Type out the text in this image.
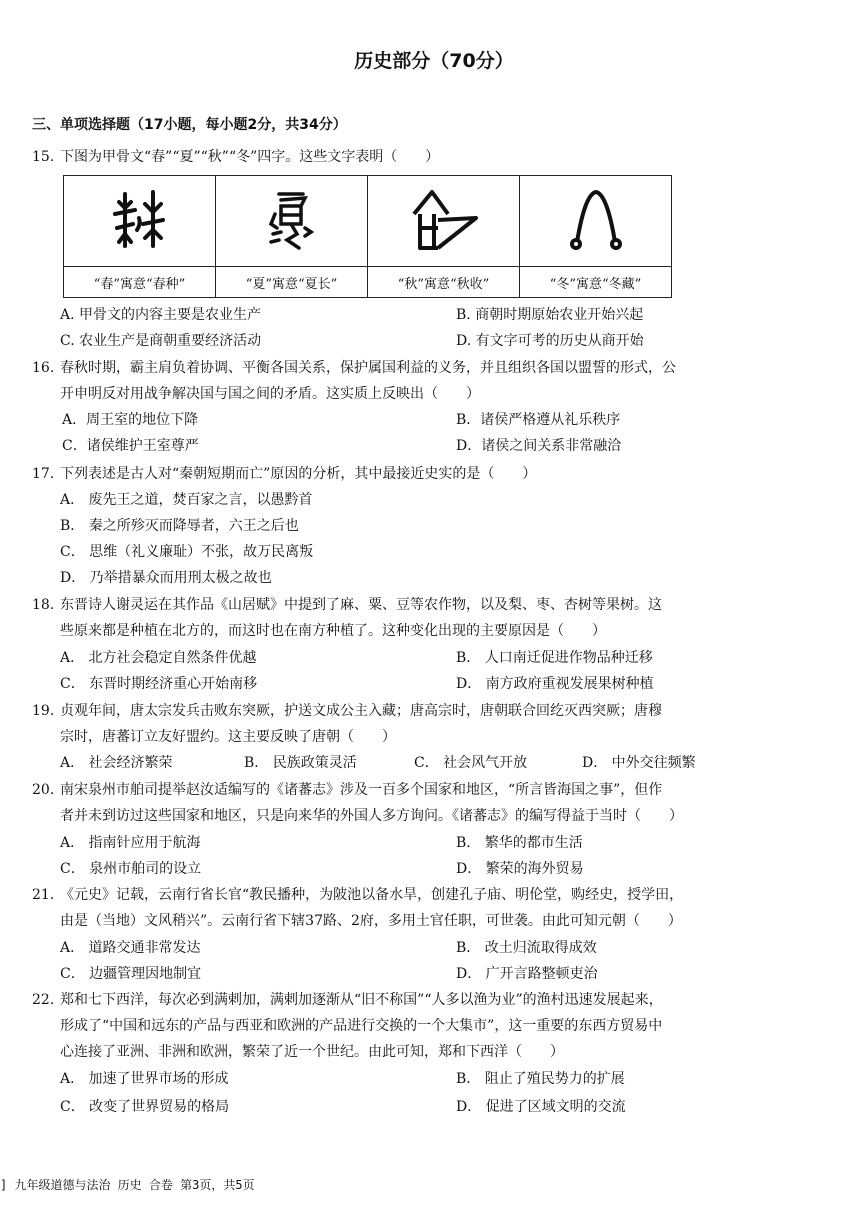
历史部分（70分）
三、单项选择题（17小题，每小题2分，共34分）
15. 下图为甲骨文“春”“夏”“秋”“冬”四字。这些文字表明（　　）

“春”寓意“春种”	“夏”寓意“夏长”	“秋”寓意“秋收”	“冬”寓意“冬藏”
A. 甲骨文的内容主要是农业生产	B. 商朝时期原始农业开始兴起
C. 农业生产是商朝重要经济活动	D. 有文字可考的历史从商开始
16. 春秋时期，霸主肩负着协调、平衡各国关系，保护属国利益的义务，并且组织各国以盟誓的形式，公
开申明反对用战争解决国与国之间的矛盾。这实质上反映出（　　）
A．周王室的地位下降	B．诸侯严格遵从礼乐秩序
C．诸侯维护王室尊严	D．诸侯之间关系非常融洽
17. 下列表述是古人对“秦朝短期而亡”原因的分析，其中最接近史实的是（　　）
A． 废先王之道，焚百家之言，以愚黔首
B． 秦之所殄灭而降辱者，六王之后也
C． 思维（礼义廉耻）不张，故万民离叛
D． 乃举措暴众而用刑太极之故也
18. 东晋诗人谢灵运在其作品《山居赋》中提到了麻、粟、豆等农作物，以及梨、枣、杏树等果树。这
些原来都是种植在北方的，而这时也在南方种植了。这种变化出现的主要原因是（　　）
A． 北方社会稳定自然条件优越	B． 人口南迁促进作物品种迁移
C． 东晋时期经济重心开始南移	D． 南方政府重视发展果树种植
19. 贞观年间，唐太宗发兵击败东突厥，护送文成公主入藏；唐高宗时，唐朝联合回纥灭西突厥；唐穆
宗时，唐蕃订立友好盟约。这主要反映了唐朝（　　）
A． 社会经济繁荣	B． 民族政策灵活	C． 社会风气开放	D． 中外交往频繁
20. 南宋泉州市舶司提举赵汝适编写的《诸蕃志》涉及一百多个国家和地区，“所言皆海国之事”，但作
者并未到访过这些国家和地区，只是向来华的外国人多方询问。《诸蕃志》的编写得益于当时（　　）
A． 指南针应用于航海	B． 繁华的都市生活
C． 泉州市舶司的设立	D． 繁荣的海外贸易
21. 《元史》记载，云南行省长官“教民播种，为陂池以备水旱，创建孔子庙、明伦堂，购经史，授学田，
由是（当地）文风稍兴”。云南行省下辖37路、2府，多用土官任职，可世袭。由此可知元朝（　　）
A． 道路交通非常发达	B． 改土归流取得成效
C． 边疆管理因地制宜	D． 广开言路整顿吏治
22. 郑和七下西洋，每次必到满剌加，满剌加逐渐从“旧不称国”“人多以渔为业”的渔村迅速发展起来，
形成了“中国和远东的产品与西亚和欧洲的产品进行交换的一个大集市”，这一重要的东西方贸易中
心连接了亚洲、非洲和欧洲，繁荣了近一个世纪。由此可知，郑和下西洋（　　）
A． 加速了世界市场的形成	B． 阻止了殖民势力的扩展
C． 改变了世界贸易的格局	D． 促进了区域文明的交流
] 九年级道德与法治 历史 合卷 第3页，共5页
